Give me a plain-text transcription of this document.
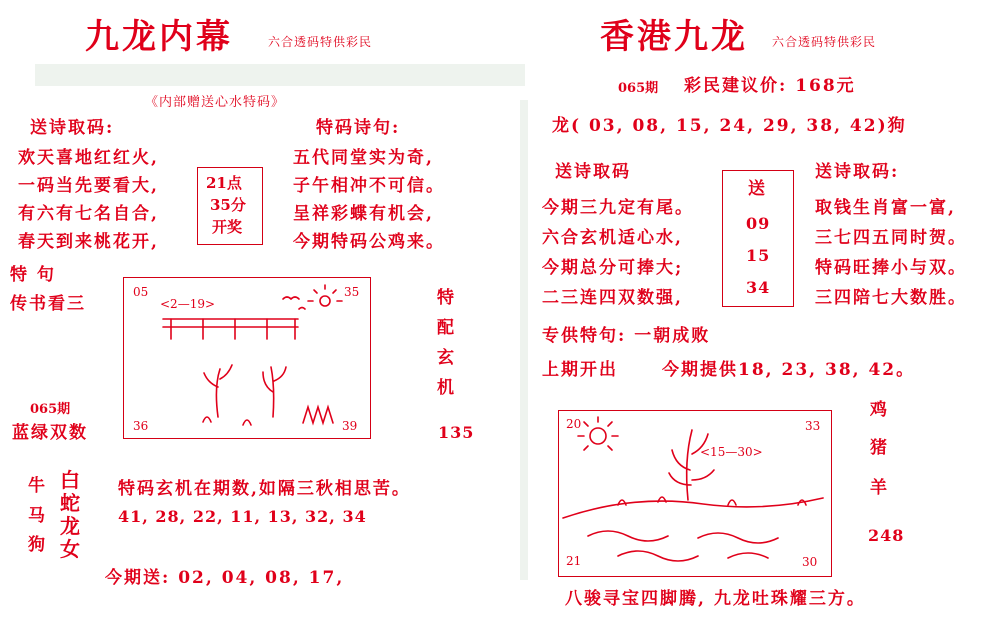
九龙内幕	六合透码特供彩民
《内部赠送心水特码》
送诗取码:	特码诗句:
欢天喜地红红火,
一码当先要看大,
有六有七名自合,
春天到来桃花开,
21点
35分
开奖
五代同堂实为奇,
子午相冲不可信。
呈祥彩蝶有机会,
今期特码公鸡来。
特 句
传书看三
05	35
36	39
<2—19>
065期
蓝绿双数
特
配
玄
机
135
牛
马
狗
白
蛇
龙
女
特码玄机在期数,如隔三秋相思苦。
41, 28, 22, 11, 13, 32, 34
今期送: 02, 04, 08, 17,
香港九龙 六合透码特供彩民
065期 彩民建议价: 168元
龙( 03, 08, 15, 24, 29, 38, 42)狗
送诗取码	送诗取码:
今期三九定有尾。
六合玄机适心水,
今期总分可捧大;
二三连四双数强,
送
09
15
34
取钱生肖富一富,
三七四五同时贺。
特码旺捧小与双。
三四陪七大数胜。
专供特句: 一朝成败
上期开出	今期提供18, 23, 38, 42。
20	33
21	30
<15—30>
鸡
猪
羊
248
八骏寻宝四脚腾, 九龙吐珠耀三方。
